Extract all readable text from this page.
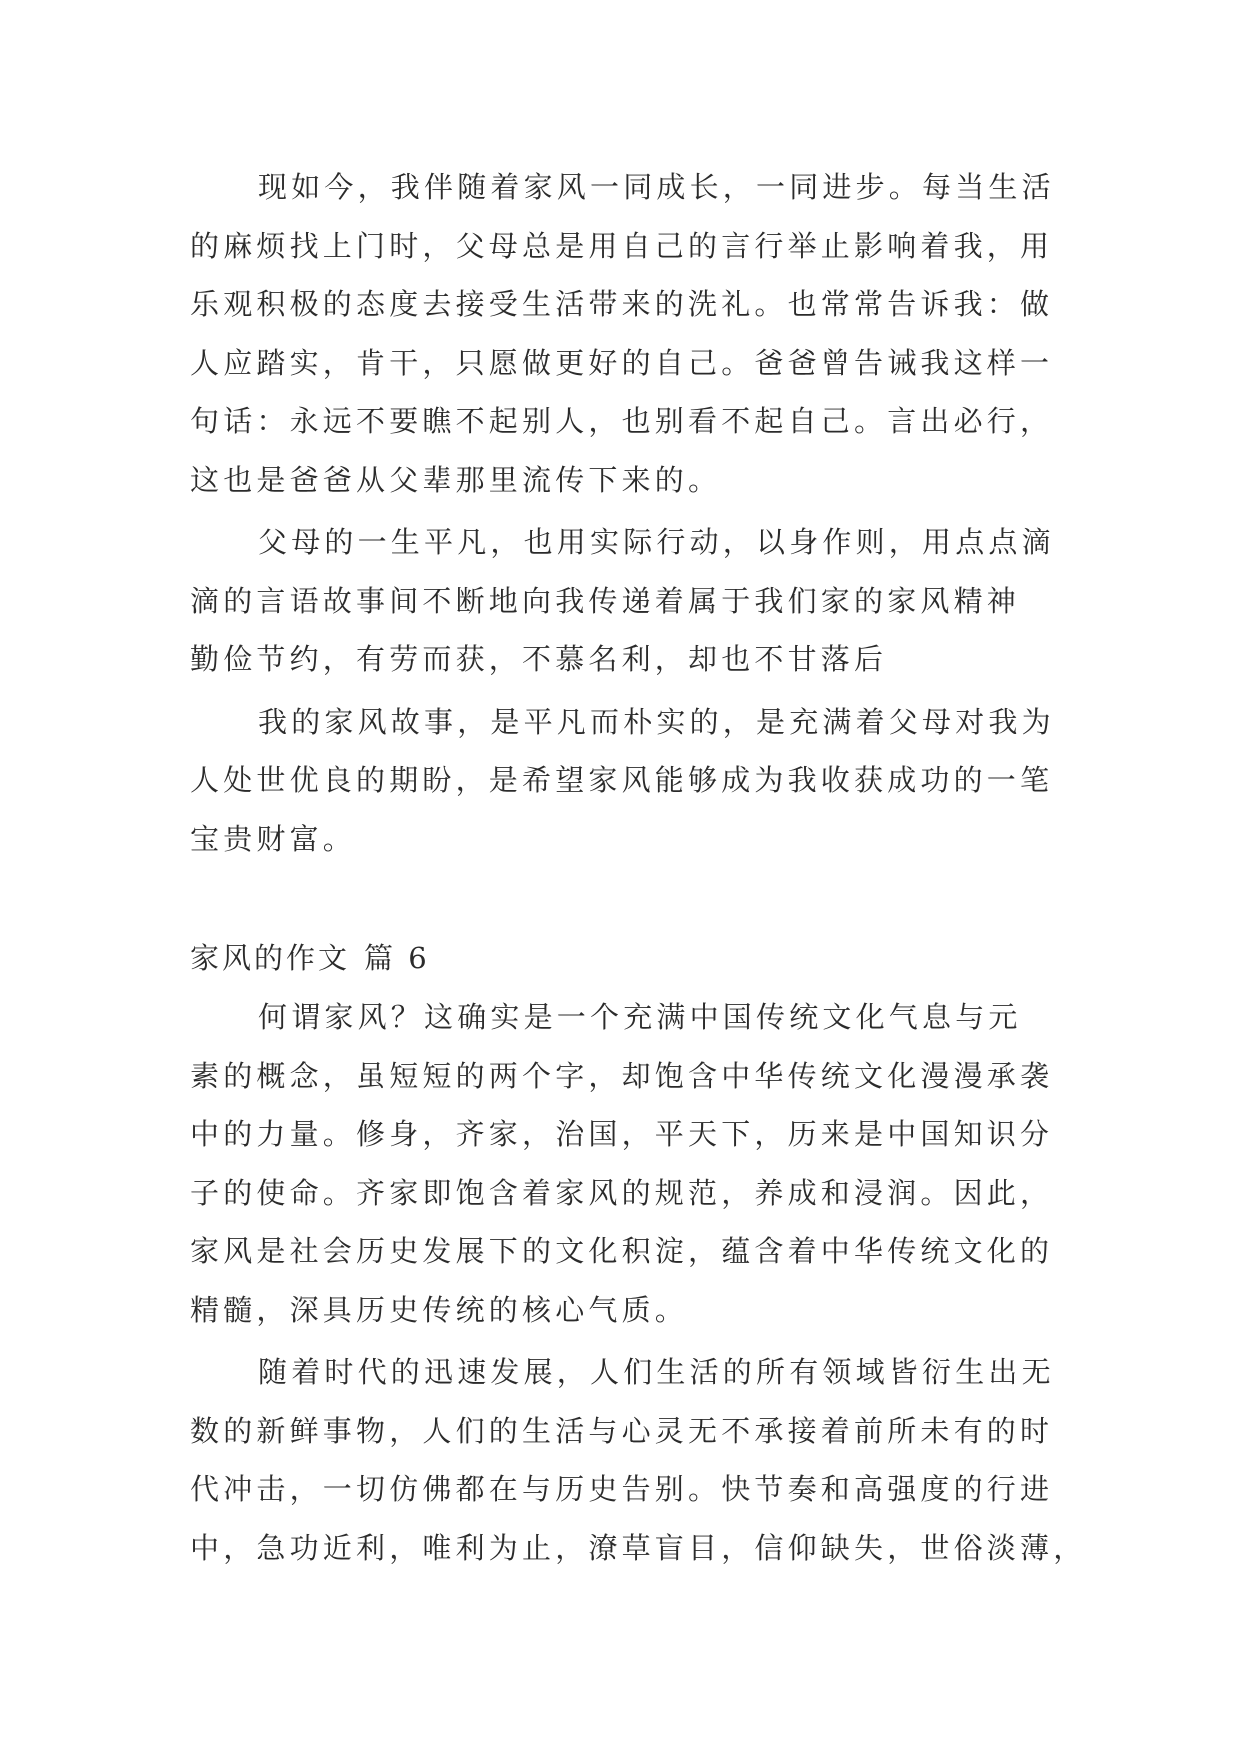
现如今，我伴随着家风一同成长，一同进步。每当生活

的麻烦找上门时，父母总是用自己的言行举止影响着我，用

乐观积极的态度去接受生活带来的洗礼。也常常告诉我：做

人应踏实，肯干，只愿做更好的自己。爸爸曾告诫我这样一

句话：永远不要瞧不起别人，也别看不起自己。言出必行，

这也是爸爸从父辈那里流传下来的。

父母的一生平凡，也用实际行动，以身作则，用点点滴

滴的言语故事间不断地向我传递着属于我们家的家风精神

勤俭节约，有劳而获，不慕名利，却也不甘落后

我的家风故事，是平凡而朴实的，是充满着父母对我为

人处世优良的期盼，是希望家风能够成为我收获成功的一笔

宝贵财富。

家风的作文 篇 6

何谓家风？这确实是一个充满中国传统文化气息与元

素的概念，虽短短的两个字，却饱含中华传统文化漫漫承袭

中的力量。修身，齐家，治国，平天下，历来是中国知识分

子的使命。齐家即饱含着家风的规范，养成和浸润。因此，

家风是社会历史发展下的文化积淀，蕴含着中华传统文化的

精髓，深具历史传统的核心气质。

随着时代的迅速发展，人们生活的所有领域皆衍生出无

数的新鲜事物，人们的生活与心灵无不承接着前所未有的时

代冲击，一切仿佛都在与历史告别。快节奏和高强度的行进

中，急功近利，唯利为止，潦草盲目，信仰缺失，世俗淡薄，
